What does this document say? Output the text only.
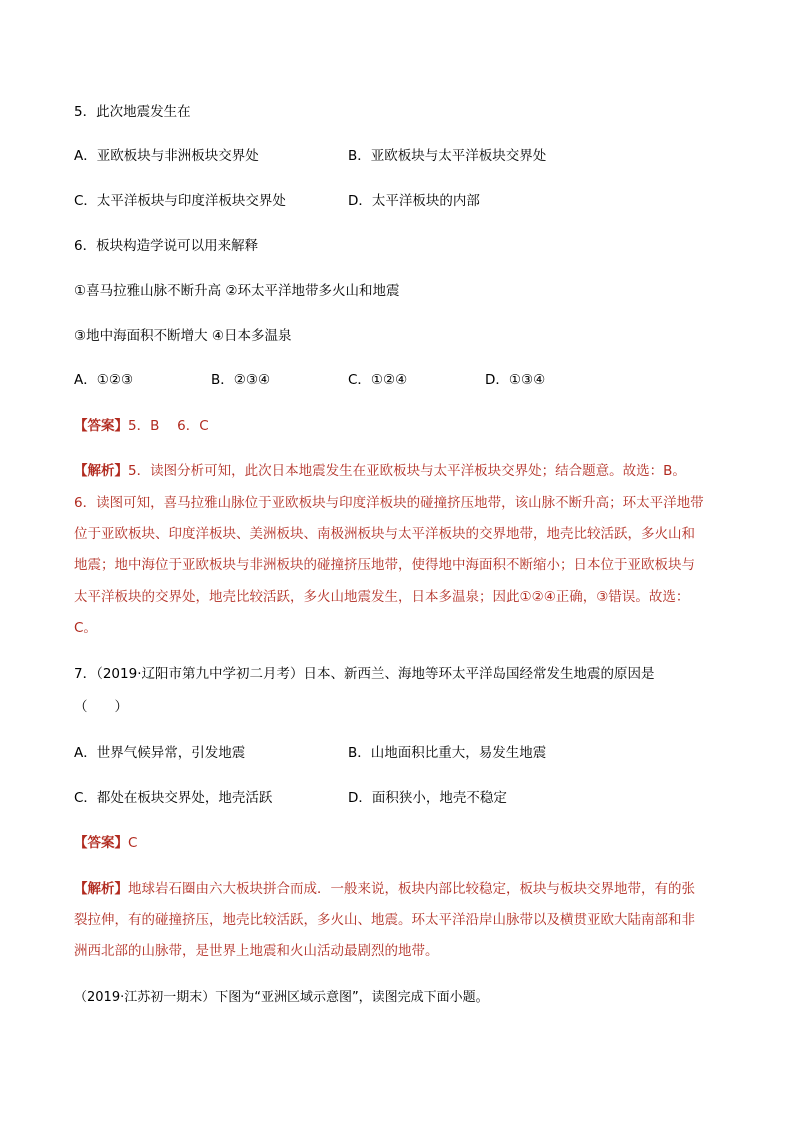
5．此次地震发生在
A．亚欧板块与非洲板块交界处	B．亚欧板块与太平洋板块交界处
C．太平洋板块与印度洋板块交界处	D．太平洋板块的内部
6．板块构造学说可以用来解释
①喜马拉雅山脉不断升高 ②环太平洋地带多火山和地震
③地中海面积不断增大 ④日本多温泉
A．①②③	B．②③④	C．①②④	D．①③④
【答案】5．B　 6．C
【解析】5．读图分析可知，此次日本地震发生在亚欧板块与太平洋板块交界处；结合题意。故选：B。
6．读图可知，喜马拉雅山脉位于亚欧板块与印度洋板块的碰撞挤压地带，该山脉不断升高；环太平洋地带
位于亚欧板块、印度洋板块、美洲板块、南极洲板块与太平洋板块的交界地带，地壳比较活跃，多火山和
地震；地中海位于亚欧板块与非洲板块的碰撞挤压地带，使得地中海面积不断缩小；日本位于亚欧板块与
太平洋板块的交界处，地壳比较活跃，多火山地震发生，日本多温泉；因此①②④正确，③错误。故选：
C。
7．（2019·辽阳市第九中学初二月考）日本、新西兰、海地等环太平洋岛国经常发生地震的原因是
（　　）
A．世界气候异常，引发地震	B．山地面积比重大，易发生地震
C．都处在板块交界处，地壳活跃	D．面积狭小，地壳不稳定
【答案】C
【解析】地球岩石圈由六大板块拼合而成．一般来说，板块内部比较稳定，板块与板块交界地带，有的张
裂拉伸，有的碰撞挤压，地壳比较活跃，多火山、地震。环太平洋沿岸山脉带以及横贯亚欧大陆南部和非
洲西北部的山脉带，是世界上地震和火山活动最剧烈的地带。
（2019·江苏初一期末）下图为“亚洲区域示意图”，读图完成下面小题。
